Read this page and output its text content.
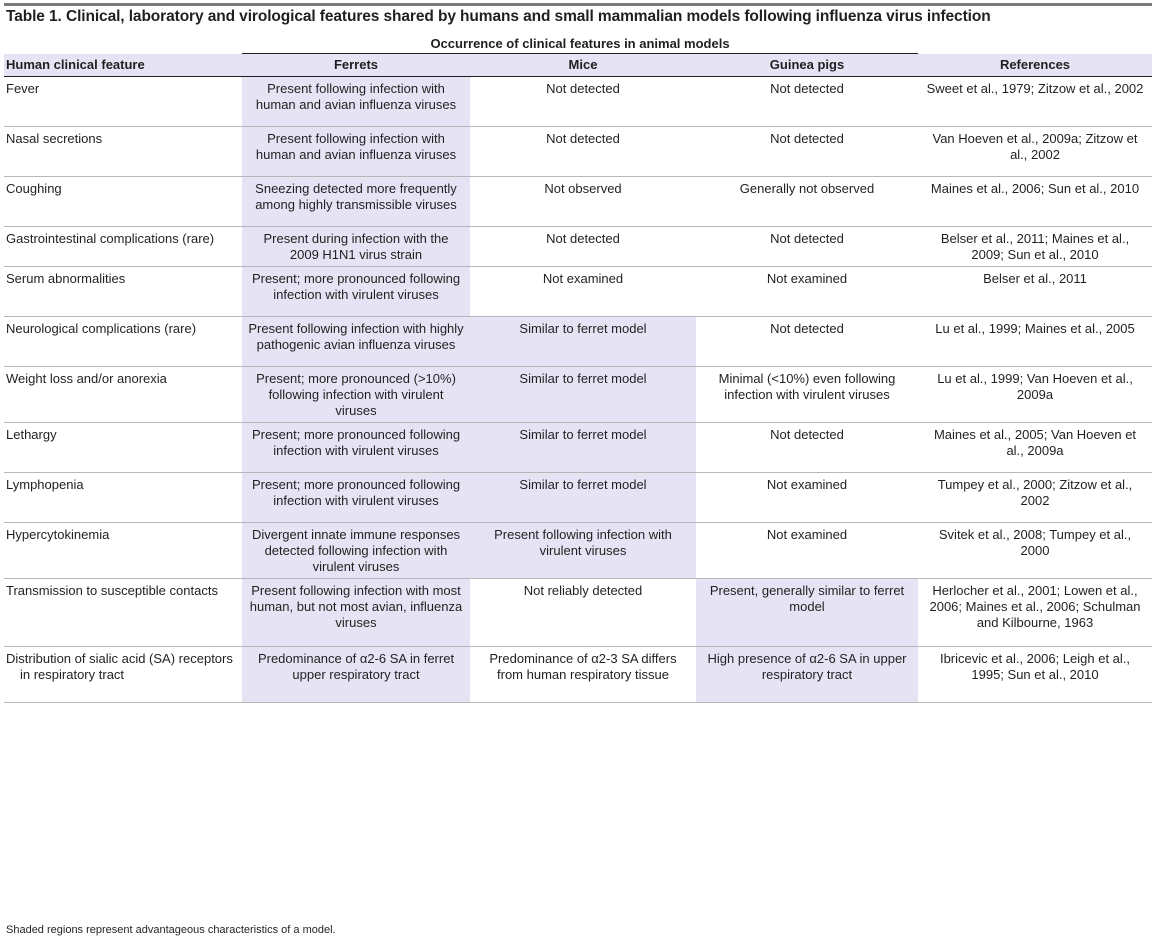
Table 1. Clinical, laboratory and virological features shared by humans and small mammalian models following influenza virus infection
	Occurrence of clinical features in animal models		

Human clinical feature	Ferrets	Mice	Guinea pigs	References

Fever	Present following infection with human and avian influenza viruses	Not detected	Not detected	Sweet et al., 1979; Zitzow et al., 2002

Nasal secretions	Present following infection with human and avian influenza viruses	Not detected	Not detected	Van Hoeven et al., 2009a; Zitzow et al., 2002

Coughing	Sneezing detected more frequently among highly transmissible viruses	Not observed	Generally not observed	Maines et al., 2006; Sun et al., 2010

Gastrointestinal complications (rare)	Present during infection with the 2009 H1N1 virus strain	Not detected	Not detected	Belser et al., 2011; Maines et al., 2009; Sun et al., 2010

Serum abnormalities	Present; more pronounced following infection with virulent viruses	Not examined	Not examined	Belser et al., 2011

Neurological complications (rare)	Present following infection with highly pathogenic avian influenza viruses	Similar to ferret model	Not detected	Lu et al., 1999; Maines et al., 2005

Weight loss and/or anorexia	Present; more pronounced (>10%) following infection with virulent viruses	Similar to ferret model	Minimal (<10%) even following infection with virulent viruses	Lu et al., 1999; Van Hoeven et al., 2009a

Lethargy	Present; more pronounced following infection with virulent viruses	Similar to ferret model	Not detected	Maines et al., 2005; Van Hoeven et al., 2009a

Lymphopenia	Present; more pronounced following infection with virulent viruses	Similar to ferret model	Not examined	Tumpey et al., 2000; Zitzow et al., 2002

Hypercytokinemia	Divergent innate immune responses detected following infection with virulent viruses	Present following infection with virulent viruses	Not examined	Svitek et al., 2008; Tumpey et al., 2000

Transmission to susceptible contacts	Present following infection with most human, but not most avian, influenza viruses	Not reliably detected	Present, generally similar to ferret model	Herlocher et al., 2001; Lowen et al., 2006; Maines et al., 2006; Schulman and Kilbourne, 1963

Distribution of sialic acid (SA) receptors in respiratory tract	Predominance of α2-6 SA in ferret upper respiratory tract	Predominance of α2-3 SA differs from human respiratory tissue	High presence of α2-6 SA in upper respiratory tract	Ibricevic et al., 2006; Leigh et al., 1995; Sun et al., 2010
Shaded regions represent advantageous characteristics of a model.
